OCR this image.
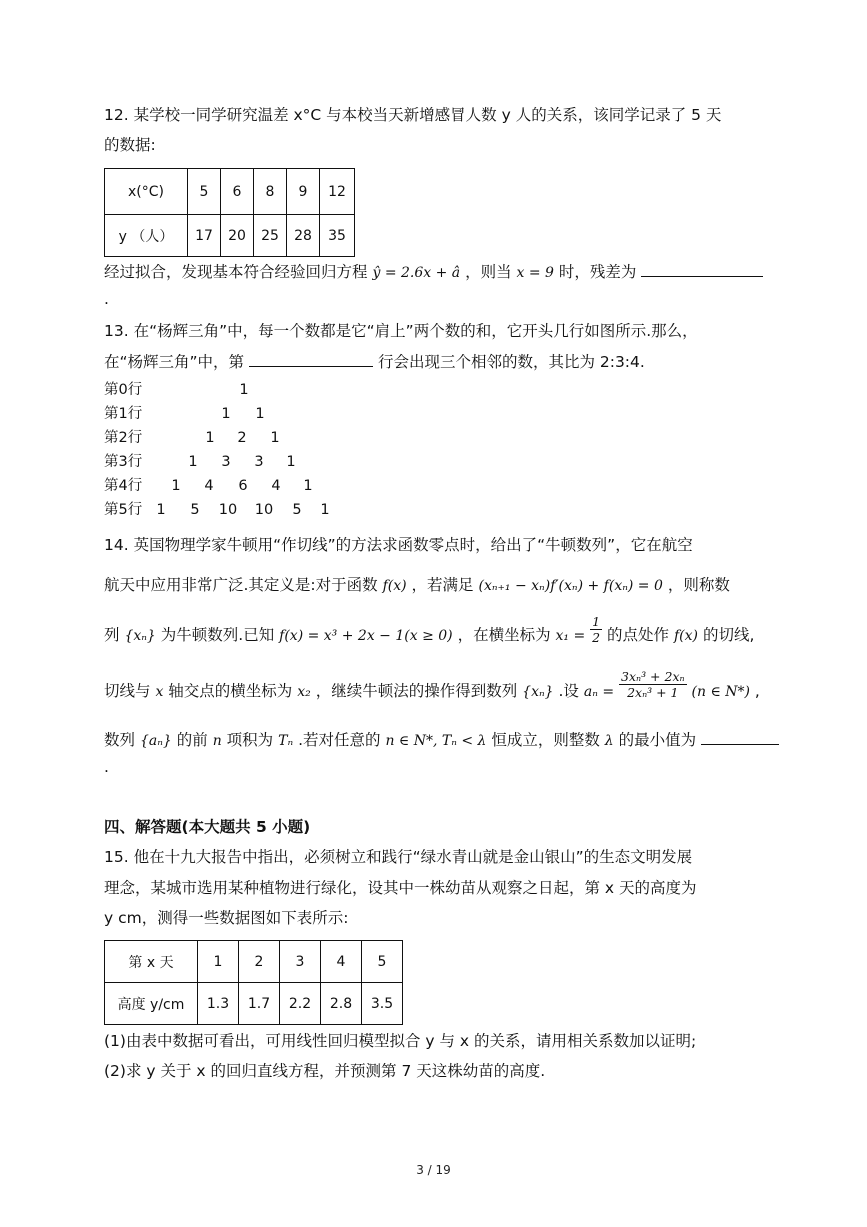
12. 某学校一同学研究温差 x°C 与本校当天新增感冒人数 y 人的关系，该同学记录了 5 天
的数据:
x(°C)	5	6	8	9	12
y （人）	17	20	25	28	35
经过拟合，发现基本符合经验回归方程 ŷ = 2.6x + â ，则当 x = 9 时，残差为
.
13. 在“杨辉三角”中，每一个数都是它“肩上”两个数的和，它开头几行如图所示.那么，
在“杨辉三角”中，第	行会出现三个相邻的数，其比为 2:3:4.
第0行	1
第1行	1	1
第2行	1	2	1
第3行	1	3	3	1
第4行	1	4	6	4	1
第5行 1	5	10 10	5	1
14. 英国物理学家牛顿用“作切线”的方法求函数零点时，给出了“牛顿数列”，它在航空
航天中应用非常广泛.其定义是:对于函数 f(x) ，若满足 (xₙ₊₁ − xₙ)f′(xₙ) + f(xₙ) = 0 ，则称数
列 {xₙ} 为牛顿数列.已知 f(x) = x³ + 2x − 1(x ≥ 0) ，在横坐标为 $x_1 = \frac{1}{2}$ 的点处作 f(x) 的切线,
切线与 x 轴交点的横坐标为 x₂ ，继续牛顿法的操作得到数列 {xₙ} .设 $a_n = \frac{\text{3xₙ³ + 2xₙ}}{\text{2xₙ³ + 1}} (n$ ∈ N*) ,
数列 {aₙ} 的前 n 项积为 Tₙ .若对任意的 n ∈ N*, Tₙ < λ 恒成立，则整数 λ 的最小值为
.
四、解答题(本大题共 5 小题)
15. 他在十九大报告中指出，必须树立和践行“绿水青山就是金山银山”的生态文明发展
理念，某城市选用某种植物进行绿化，设其中一株幼苗从观察之日起，第 x 天的高度为
y cm，测得一些数据图如下表所示:
第 x 天	1	2	3	4	5
高度 y/cm	1.3	1.7	2.2	2.8	3.5
(1)由表中数据可看出，可用线性回归模型拟合 y 与 x 的关系，请用相关系数加以证明;
(2)求 y 关于 x 的回归直线方程，并预测第 7 天这株幼苗的高度.
3 / 19
